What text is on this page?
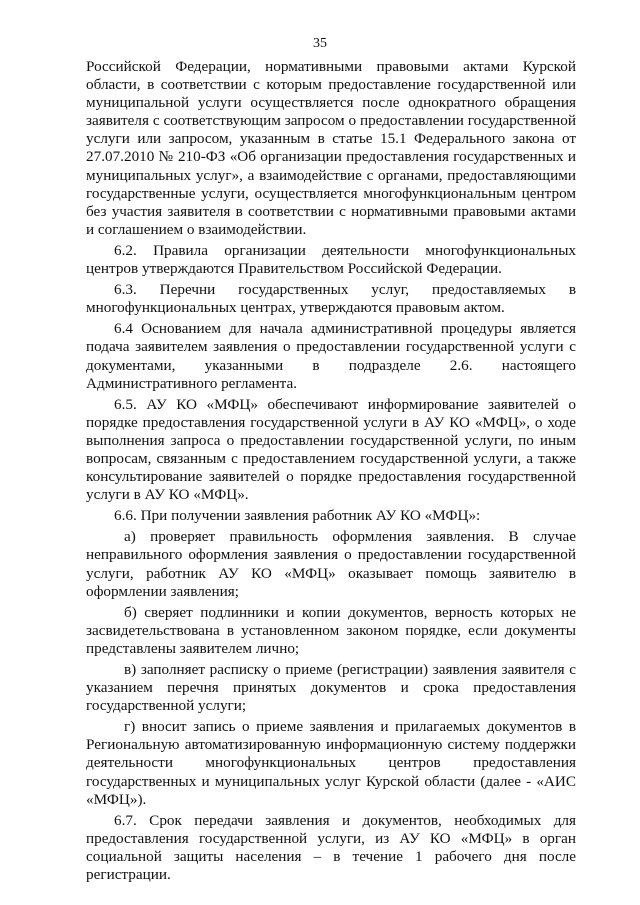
35

Российской Федерации, нормативными правовыми актами Курской области, в соответствии с которым предоставление государственной или муниципальной услуги осуществляется после однократного обращения заявителя с соответствующим запросом о предоставлении государственной услуги или запросом, указанным в статье 15.1 Федерального закона от 27.07.2010 № 210-ФЗ «Об организации предоставления государственных и муниципальных услуг», а взаимодействие с органами, предоставляющими государственные услуги, осуществляется многофункциональным центром без участия заявителя в соответствии с нормативными правовыми актами и соглашением о взаимодействии.

6.2. Правила организации деятельности многофункциональных центров утверждаются Правительством Российской Федерации.

6.3. Перечни государственных услуг, предоставляемых в многофункциональных центрах, утверждаются правовым актом.

6.4 Основанием для начала административной процедуры является подача заявителем заявления о предоставлении государственной услуги с документами, указанными в подразделе 2.6. настоящего Административного регламента.

6.5. АУ КО «МФЦ» обеспечивают информирование заявителей о порядке предоставления государственной услуги в АУ КО «МФЦ», о ходе выполнения запроса о предоставлении государственной услуги, по иным вопросам, связанным с предоставлением государственной услуги, а также консультирование заявителей о порядке предоставления государственной услуги в АУ КО «МФЦ».

6.6. При получении заявления работник АУ КО «МФЦ»:

а) проверяет правильность оформления заявления. В случае неправильного оформления заявления о предоставлении государственной услуги, работник АУ КО «МФЦ» оказывает помощь заявителю в оформлении заявления;

б) сверяет подлинники и копии документов, верность которых не засвидетельствована в установленном законом порядке, если документы представлены заявителем лично;

в) заполняет расписку о приеме (регистрации) заявления заявителя с указанием перечня принятых документов и срока предоставления государственной услуги;

г) вносит запись о приеме заявления и прилагаемых документов в Региональную автоматизированную информационную систему поддержки деятельности многофункциональных центров предоставления государственных и муниципальных услуг Курской области (далее - «АИС «МФЦ»).

6.7. Срок передачи заявления и документов, необходимых для предоставления государственной услуги, из АУ КО «МФЦ» в орган социальной защиты населения – в течение 1 рабочего дня после регистрации.
